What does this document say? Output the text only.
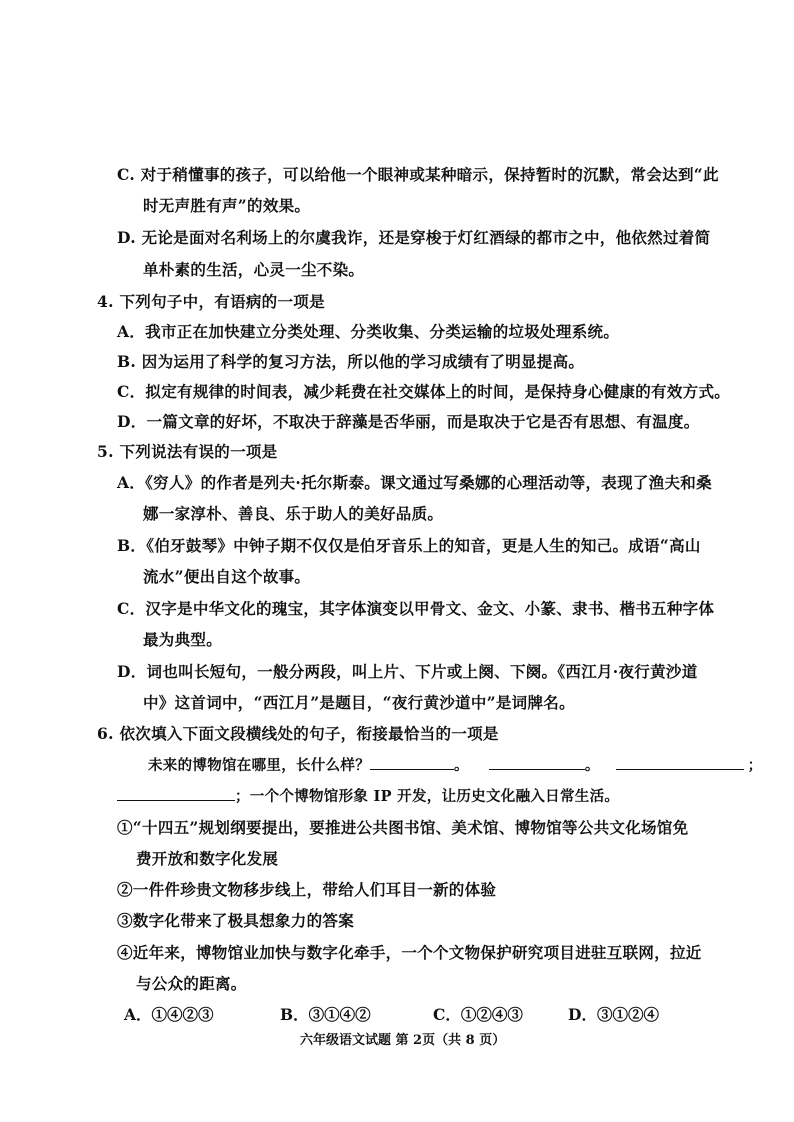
C. 对于稍懂事的孩子，可以给他一个眼神或某种暗示，保持暂时的沉默，常会达到“此
时无声胜有声”的效果。
D. 无论是面对名利场上的尔虞我诈，还是穿梭于灯红酒绿的都市之中，他依然过着简
单朴素的生活，心灵一尘不染。
4. 下列句子中，有语病的一项是
A．我市正在加快建立分类处理、分类收集、分类运输的垃圾处理系统。
B. 因为运用了科学的复习方法，所以他的学习成绩有了明显提高。
C．拟定有规律的时间表，减少耗费在社交媒体上的时间，是保持身心健康的有效方式。
D．一篇文章的好坏，不取决于辞藻是否华丽，而是取决于它是否有思想、有温度。
5. 下列说法有误的一项是
A．《穷人》的作者是列夫·托尔斯泰。课文通过写桑娜的心理活动等，表现了渔夫和桑
娜一家淳朴、善良、乐于助人的美好品质。
B．《伯牙鼓琴》中钟子期不仅仅是伯牙音乐上的知音，更是人生的知己。成语“高山
流水”便出自这个故事。
C．汉字是中华文化的瑰宝，其字体演变以甲骨文、金文、小篆、隶书、楷书五种字体
最为典型。
D．词也叫长短句，一般分两段，叫上片、下片或上阕、下阕。《西江月·夜行黄沙道
中》这首词中，“西江月”是题目，“夜行黄沙道中”是词牌名。
6. 依次填入下面文段横线处的句子，衔接最恰当的一项是
未来的博物馆在哪里，长什么样？	。	。	；
；一个个博物馆形象 IP 开发，让历史文化融入日常生活。
①“十四五”规划纲要提出，要推进公共图书馆、美术馆、博物馆等公共文化场馆免
费开放和数字化发展
②一件件珍贵文物移步线上，带给人们耳目一新的体验
③数字化带来了极具想象力的答案
④近年来，博物馆业加快与数字化牵手，一个个文物保护研究项目进驻互联网，拉近
与公众的距离。
A．①④②③	B．③①④②	C．①②④③	D．③①②④
六年级语文试题 第 2页（共 8 页）
